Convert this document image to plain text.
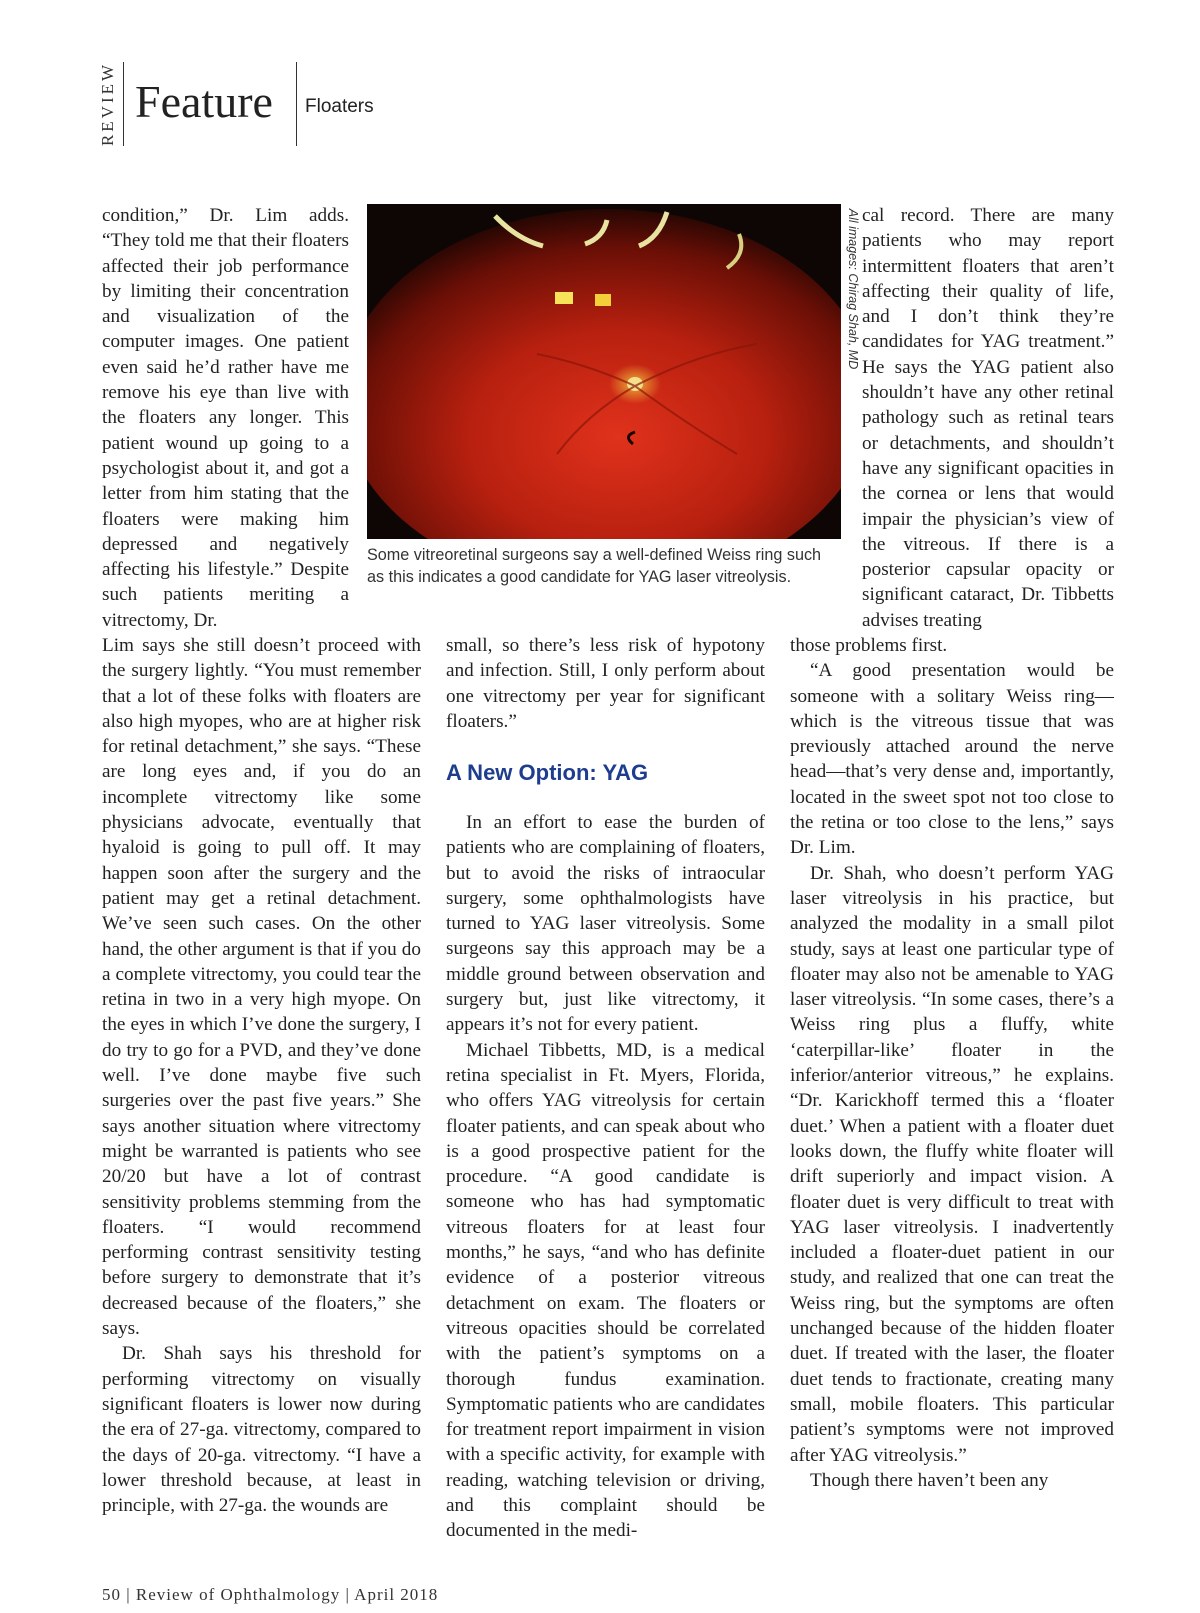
REVIEW Feature Floaters

condition,” Dr. Lim adds. “They told me that their floaters affected their job performance by limiting their concentration and visualization of the computer images. One patient even said he’d rather have me remove his eye than live with the floaters any longer. This patient wound up going to a psychologist about it, and got a letter from him stating that the floaters were making him depressed and negatively affecting his lifestyle.” Despite such patients meriting a vitrectomy, Dr.

Lim says she still doesn’t proceed with the surgery lightly. “You must remember that a lot of these folks with floaters are also high myopes, who are at higher risk for retinal detachment,” she says. “These are long eyes and, if you do an incomplete vitrectomy like some physicians advocate, eventually that hyaloid is going to pull off. It may happen soon after the surgery and the patient may get a retinal detachment. We’ve seen such cases. On the other hand, the other argument is that if you do a complete vitrectomy, you could tear the retina in two in a very high myope. On the eyes in which I’ve done the surgery, I do try to go for a PVD, and they’ve done well. I’ve done maybe five such surgeries over the past five years.” She says another situation where vitrectomy might be warranted is patients who see 20/20 but have a lot of contrast sensitivity problems stemming from the floaters. “I would recommend performing contrast sensitivity testing before surgery to demonstrate that it’s decreased because of the floaters,” she says.

Dr. Shah says his threshold for performing vitrectomy on visually significant floaters is lower now during the era of 27-ga. vitrectomy, compared to the days of 20-ga. vitrectomy. “I have a lower threshold because, at least in principle, with 27-ga. the wounds are

All images: Chirag Shah, MD

Some vitreoretinal surgeons say a well-defined Weiss ring such as this indicates a good candidate for YAG laser vitreolysis.

small, so there’s less risk of hypotony and infection. Still, I only perform about one vitrectomy per year for significant floaters.”

A New Option: YAG

In an effort to ease the burden of patients who are complaining of floaters, but to avoid the risks of intraocular surgery, some ophthalmologists have turned to YAG laser vitreolysis. Some surgeons say this approach may be a middle ground between observation and surgery but, just like vitrectomy, it appears it’s not for every patient.

Michael Tibbetts, MD, is a medical retina specialist in Ft. Myers, Florida, who offers YAG vitreolysis for certain floater patients, and can speak about who is a good prospective patient for the procedure. “A good candidate is someone who has had symptomatic vitreous floaters for at least four months,” he says, “and who has definite evidence of a posterior vitreous detachment on exam. The floaters or vitreous opacities should be correlated with the patient’s symptoms on a thorough fundus examination. Symptomatic patients who are candidates for treatment report impairment in vision with a specific activity, for example with reading, watching television or driving, and this complaint should be documented in the medi-

cal record. There are many patients who may report intermittent floaters that aren’t affecting their quality of life, and I don’t think they’re candidates for YAG treatment.” He says the YAG patient also shouldn’t have any other retinal pathology such as retinal tears or detachments, and shouldn’t have any significant opacities in the cornea or lens that would impair the physician’s view of the vitreous. If there is a posterior capsular opacity or significant cataract, Dr. Tibbetts advises treating

those problems first.

“A good presentation would be someone with a solitary Weiss ring—which is the vitreous tissue that was previously attached around the nerve head—that’s very dense and, importantly, located in the sweet spot not too close to the retina or too close to the lens,” says Dr. Lim.

Dr. Shah, who doesn’t perform YAG laser vitreolysis in his practice, but analyzed the modality in a small pilot study, says at least one particular type of floater may also not be amenable to YAG laser vitreolysis. “In some cases, there’s a Weiss ring plus a fluffy, white ‘caterpillar-like’ floater in the inferior/anterior vitreous,” he explains. “Dr. Karickhoff termed this a ‘floater duet.’ When a patient with a floater duet looks down, the fluffy white floater will drift superiorly and impact vision. A floater duet is very difficult to treat with YAG laser vitreolysis. I inadvertently included a floater-duet patient in our study, and realized that one can treat the Weiss ring, but the symptoms are often unchanged because of the hidden floater duet. If treated with the laser, the floater duet tends to fractionate, creating many small, mobile floaters. This particular patient’s symptoms were not improved after YAG vitreolysis.”

Though there haven’t been any

50 | Review of Ophthalmology | April 2018
